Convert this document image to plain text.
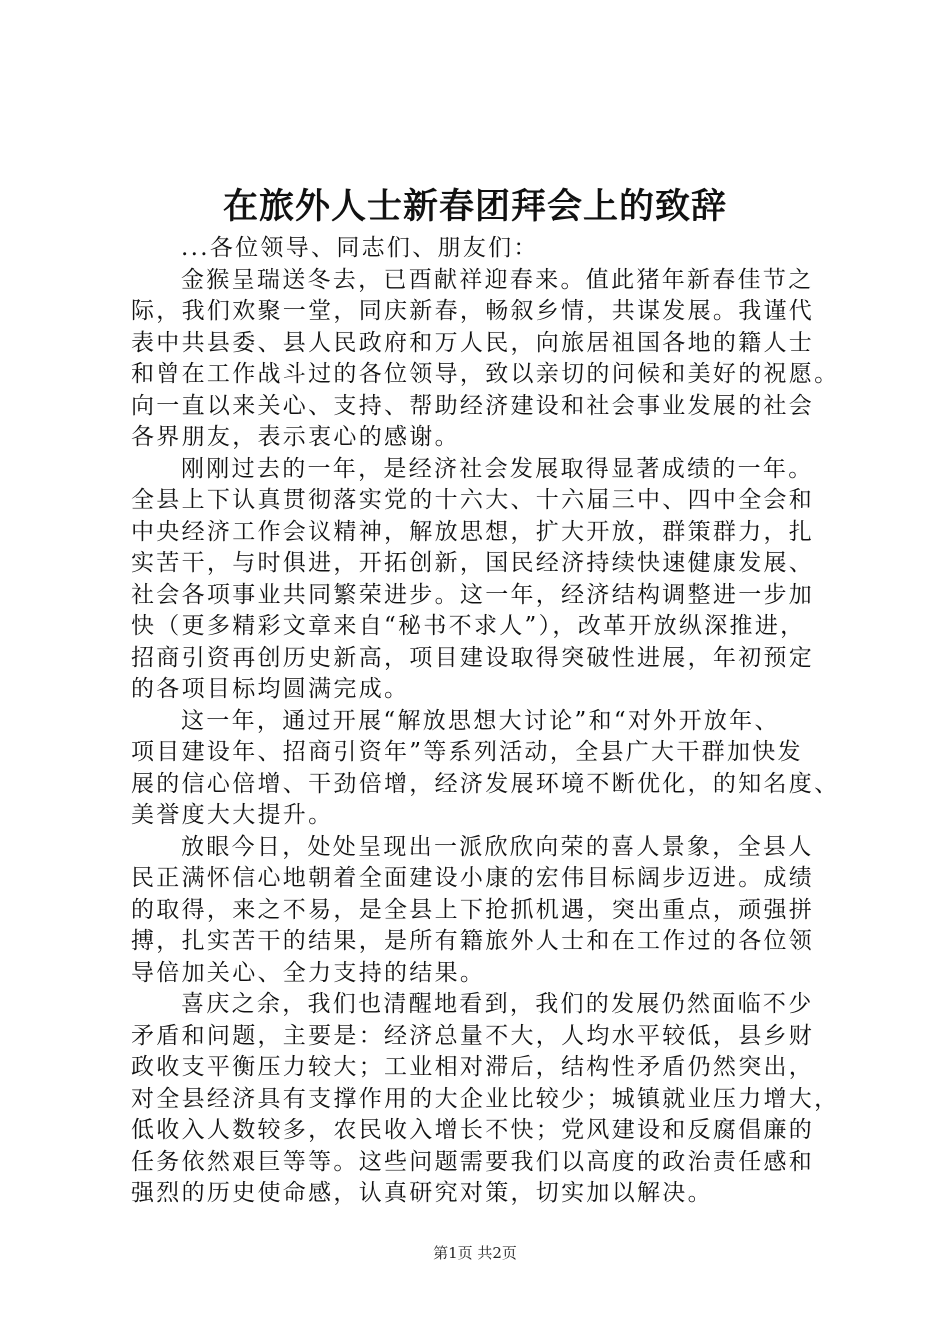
在旅外人士新春团拜会上的致辞
...各位领导、同志们、朋友们：
金猴呈瑞送冬去，已酉献祥迎春来。值此猪年新春佳节之
际，我们欢聚一堂，同庆新春，畅叙乡情，共谋发展。我谨代
表中共县委、县人民政府和万人民，向旅居祖国各地的籍人士
和曾在工作战斗过的各位领导，致以亲切的问候和美好的祝愿。
向一直以来关心、支持、帮助经济建设和社会事业发展的社会
各界朋友，表示衷心的感谢。
刚刚过去的一年，是经济社会发展取得显著成绩的一年。
全县上下认真贯彻落实党的十六大、十六届三中、四中全会和
中央经济工作会议精神，解放思想，扩大开放，群策群力，扎
实苦干，与时俱进，开拓创新，国民经济持续快速健康发展、
社会各项事业共同繁荣进步。这一年，经济结构调整进一步加
快（更多精彩文章来自“秘书不求人”），改革开放纵深推进，
招商引资再创历史新高，项目建设取得突破性进展，年初预定
的各项目标均圆满完成。
这一年，通过开展“解放思想大讨论”和“对外开放年、
项目建设年、招商引资年”等系列活动，全县广大干群加快发
展的信心倍增、干劲倍增，经济发展环境不断优化，的知名度、
美誉度大大提升。
放眼今日，处处呈现出一派欣欣向荣的喜人景象，全县人
民正满怀信心地朝着全面建设小康的宏伟目标阔步迈进。成绩
的取得，来之不易，是全县上下抢抓机遇，突出重点，顽强拼
搏，扎实苦干的结果，是所有籍旅外人士和在工作过的各位领
导倍加关心、全力支持的结果。
喜庆之余，我们也清醒地看到，我们的发展仍然面临不少
矛盾和问题，主要是：经济总量不大，人均水平较低，县乡财
政收支平衡压力较大；工业相对滞后，结构性矛盾仍然突出，
对全县经济具有支撑作用的大企业比较少；城镇就业压力增大，
低收入人数较多，农民收入增长不快；党风建设和反腐倡廉的
任务依然艰巨等等。这些问题需要我们以高度的政治责任感和
强烈的历史使命感，认真研究对策，切实加以解决。
第1页 共2页
